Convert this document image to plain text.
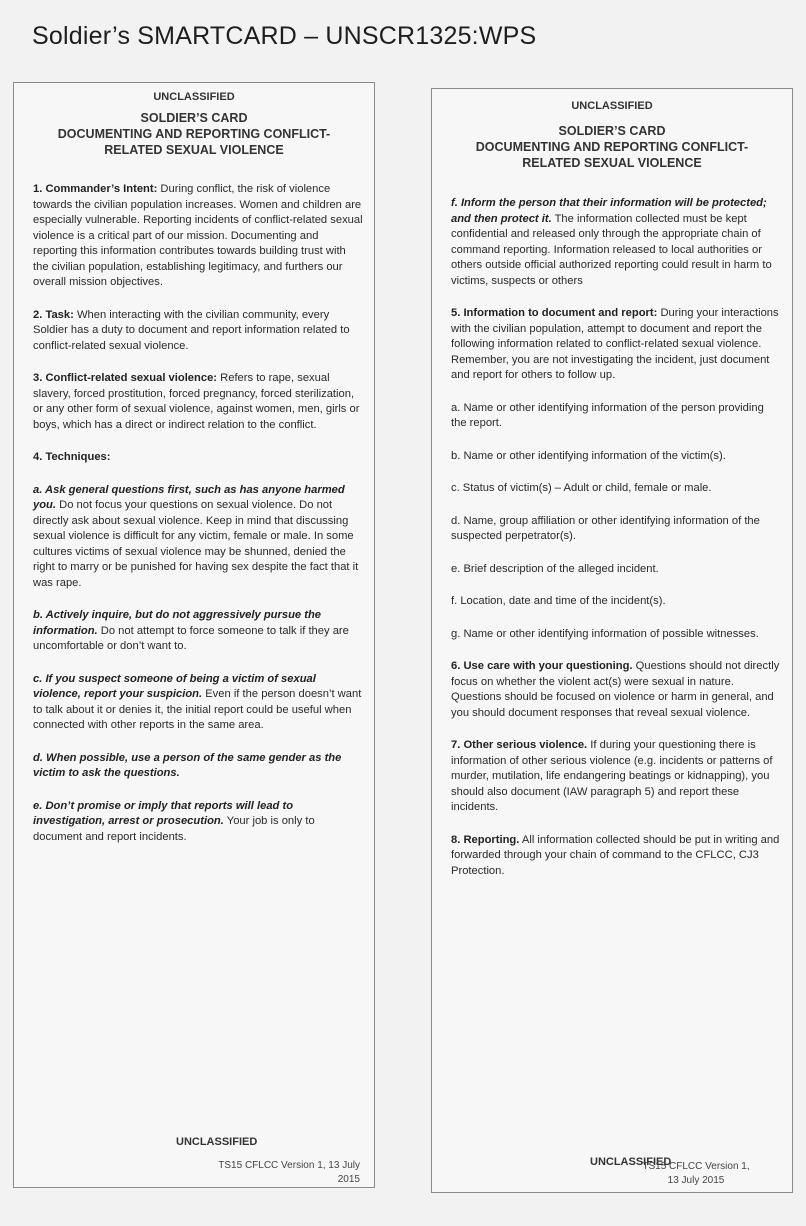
Soldier’s SMARTCARD – UNSCR1325:WPS
UNCLASSIFIED
SOLDIER’S CARD
DOCUMENTING AND REPORTING CONFLICT-
RELATED SEXUAL VIOLENCE

1. Commander’s Intent: During conflict, the risk of violence towards the civilian population increases. Women and children are especially vulnerable. Reporting incidents of conflict-related sexual violence is a critical part of our mission. Documenting and reporting this information contributes towards building trust with the civilian population, establishing legitimacy, and furthers our overall mission objectives.

2. Task: When interacting with the civilian community, every Soldier has a duty to document and report information related to conflict-related sexual violence.

3. Conflict-related sexual violence: Refers to rape, sexual slavery, forced prostitution, forced pregnancy, forced sterilization, or any other form of sexual violence, against women, men, girls or boys, which has a direct or indirect relation to the conflict.

4. Techniques:

a. Ask general questions first, such as has anyone harmed you. Do not focus your questions on sexual violence. Do not directly ask about sexual violence. Keep in mind that discussing sexual violence is difficult for any victim, female or male. In some cultures victims of sexual violence may be shunned, denied the right to marry or be punished for having sex despite the fact that it was rape.

b. Actively inquire, but do not aggressively pursue the information. Do not attempt to force someone to talk if they are uncomfortable or don’t want to.

c. If you suspect someone of being a victim of sexual violence, report your suspicion. Even if the person doesn’t want to talk about it or denies it, the initial report could be useful when connected with other reports in the same area.

d. When possible, use a person of the same gender as the victim to ask the questions.

e. Don’t promise or imply that reports will lead to investigation, arrest or prosecution. Your job is only to document and report incidents.

UNCLASSIFIED
TS15 CFLCC Version 1, 13 July
2015
UNCLASSIFIED
SOLDIER’S CARD
DOCUMENTING AND REPORTING CONFLICT-
RELATED SEXUAL VIOLENCE

f. Inform the person that their information will be protected; and then protect it. The information collected must be kept confidential and released only through the appropriate chain of command reporting. Information released to local authorities or others outside official authorized reporting could result in harm to victims, suspects or others

5. Information to document and report: During your interactions with the civilian population, attempt to document and report the following information related to conflict-related sexual violence. Remember, you are not investigating the incident, just document and report for others to follow up.

a. Name or other identifying information of the person providing the report.

b. Name or other identifying information of the victim(s).

c. Status of victim(s) – Adult or child, female or male.

d. Name, group affiliation or other identifying information of the suspected perpetrator(s).

e. Brief description of the alleged incident.

f. Location, date and time of the incident(s).

g. Name or other identifying information of possible witnesses.

6. Use care with your questioning. Questions should not directly focus on whether the violent act(s) were sexual in nature. Questions should be focused on violence or harm in general, and you should document responses that reveal sexual violence.

7. Other serious violence. If during your questioning there is information of other serious violence (e.g. incidents or patterns of murder, mutilation, life endangering beatings or kidnapping), you should also document (IAW paragraph 5) and report these incidents.

8. Reporting. All information collected should be put in writing and forwarded through your chain of command to the CFLCC, CJ3 Protection.

UNCLASSIFIED
TS15 CFLCC Version 1,
13 July 2015
